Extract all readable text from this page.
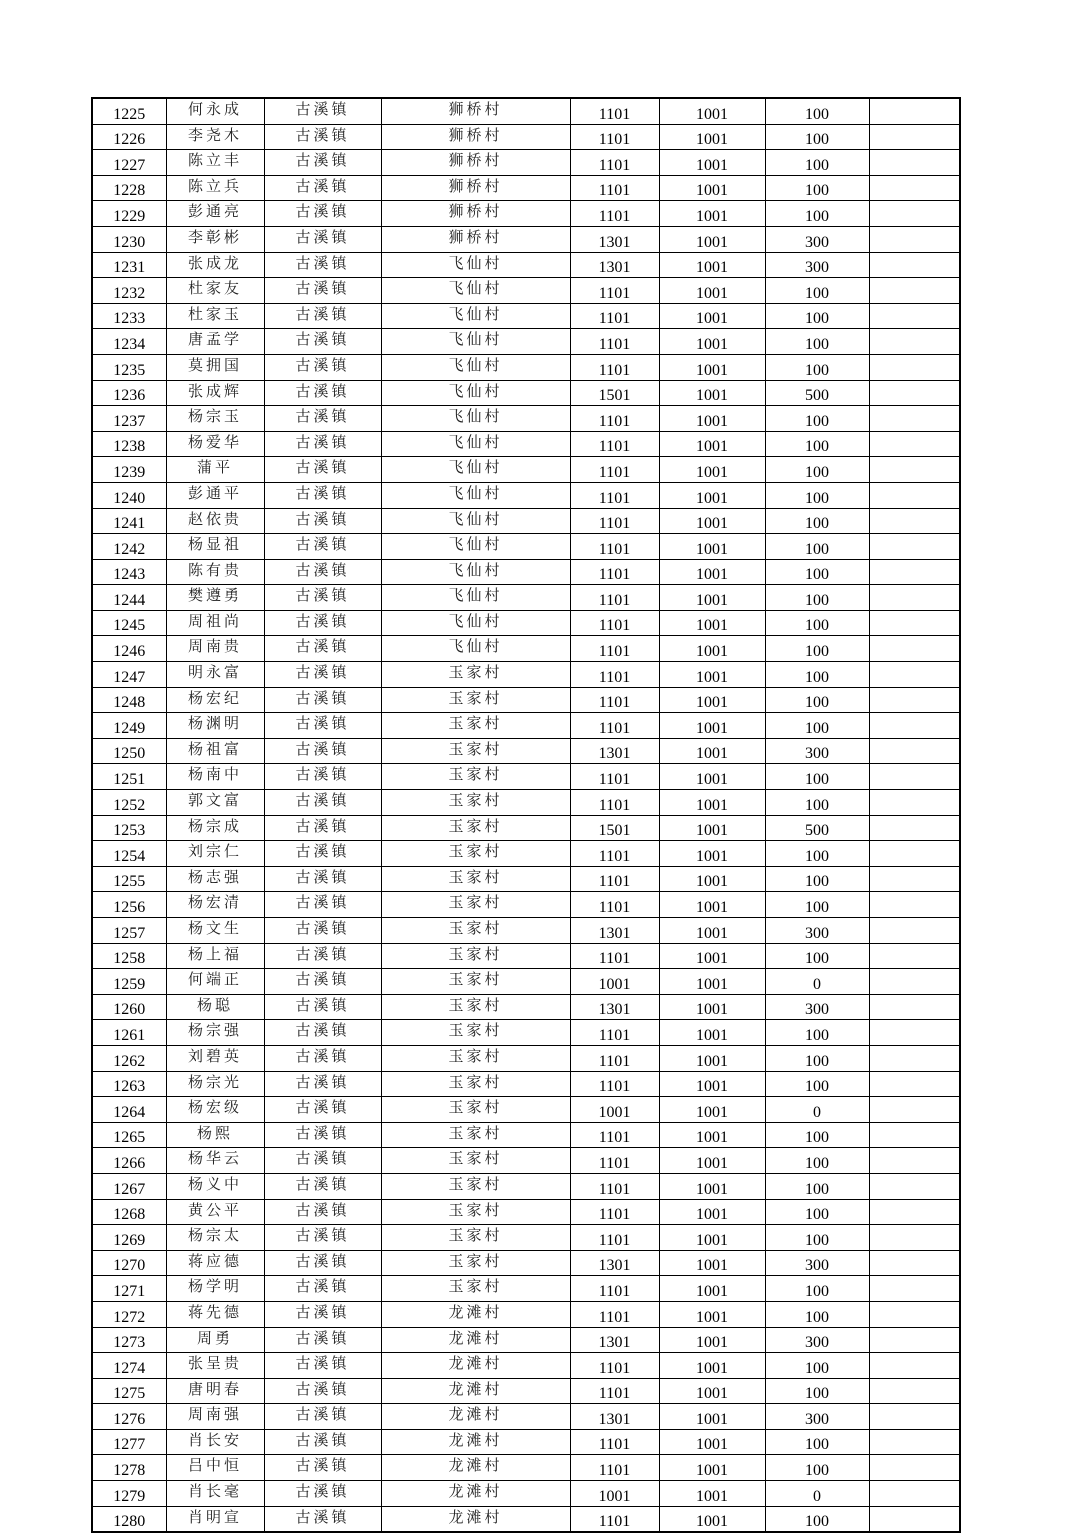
1225	何永成	古溪镇	狮桥村	1101	1001	100	
1226	李尧木	古溪镇	狮桥村	1101	1001	100	
1227	陈立丰	古溪镇	狮桥村	1101	1001	100	
1228	陈立兵	古溪镇	狮桥村	1101	1001	100	
1229	彭通亮	古溪镇	狮桥村	1101	1001	100	
1230	李彰彬	古溪镇	狮桥村	1301	1001	300	
1231	张成龙	古溪镇	飞仙村	1301	1001	300	
1232	杜家友	古溪镇	飞仙村	1101	1001	100	
1233	杜家玉	古溪镇	飞仙村	1101	1001	100	
1234	唐孟学	古溪镇	飞仙村	1101	1001	100	
1235	莫拥国	古溪镇	飞仙村	1101	1001	100	
1236	张成辉	古溪镇	飞仙村	1501	1001	500	
1237	杨宗玉	古溪镇	飞仙村	1101	1001	100	
1238	杨爱华	古溪镇	飞仙村	1101	1001	100	
1239	蒲平	古溪镇	飞仙村	1101	1001	100	
1240	彭通平	古溪镇	飞仙村	1101	1001	100	
1241	赵依贵	古溪镇	飞仙村	1101	1001	100	
1242	杨显祖	古溪镇	飞仙村	1101	1001	100	
1243	陈有贵	古溪镇	飞仙村	1101	1001	100	
1244	樊遵勇	古溪镇	飞仙村	1101	1001	100	
1245	周祖尚	古溪镇	飞仙村	1101	1001	100	
1246	周南贵	古溪镇	飞仙村	1101	1001	100	
1247	明永富	古溪镇	玉家村	1101	1001	100	
1248	杨宏纪	古溪镇	玉家村	1101	1001	100	
1249	杨渊明	古溪镇	玉家村	1101	1001	100	
1250	杨祖富	古溪镇	玉家村	1301	1001	300	
1251	杨南中	古溪镇	玉家村	1101	1001	100	
1252	郭文富	古溪镇	玉家村	1101	1001	100	
1253	杨宗成	古溪镇	玉家村	1501	1001	500	
1254	刘宗仁	古溪镇	玉家村	1101	1001	100	
1255	杨志强	古溪镇	玉家村	1101	1001	100	
1256	杨宏清	古溪镇	玉家村	1101	1001	100	
1257	杨文生	古溪镇	玉家村	1301	1001	300	
1258	杨上福	古溪镇	玉家村	1101	1001	100	
1259	何端正	古溪镇	玉家村	1001	1001	0	
1260	杨聪	古溪镇	玉家村	1301	1001	300	
1261	杨宗强	古溪镇	玉家村	1101	1001	100	
1262	刘碧英	古溪镇	玉家村	1101	1001	100	
1263	杨宗光	古溪镇	玉家村	1101	1001	100	
1264	杨宏级	古溪镇	玉家村	1001	1001	0	
1265	杨熙	古溪镇	玉家村	1101	1001	100	
1266	杨华云	古溪镇	玉家村	1101	1001	100	
1267	杨义中	古溪镇	玉家村	1101	1001	100	
1268	黄公平	古溪镇	玉家村	1101	1001	100	
1269	杨宗太	古溪镇	玉家村	1101	1001	100	
1270	蒋应德	古溪镇	玉家村	1301	1001	300	
1271	杨学明	古溪镇	玉家村	1101	1001	100	
1272	蒋先德	古溪镇	龙滩村	1101	1001	100	
1273	周勇	古溪镇	龙滩村	1301	1001	300	
1274	张呈贵	古溪镇	龙滩村	1101	1001	100	
1275	唐明春	古溪镇	龙滩村	1101	1001	100	
1276	周南强	古溪镇	龙滩村	1301	1001	300	
1277	肖长安	古溪镇	龙滩村	1101	1001	100	
1278	吕中恒	古溪镇	龙滩村	1101	1001	100	
1279	肖长毫	古溪镇	龙滩村	1001	1001	0	
1280	肖明宣	古溪镇	龙滩村	1101	1001	100	
